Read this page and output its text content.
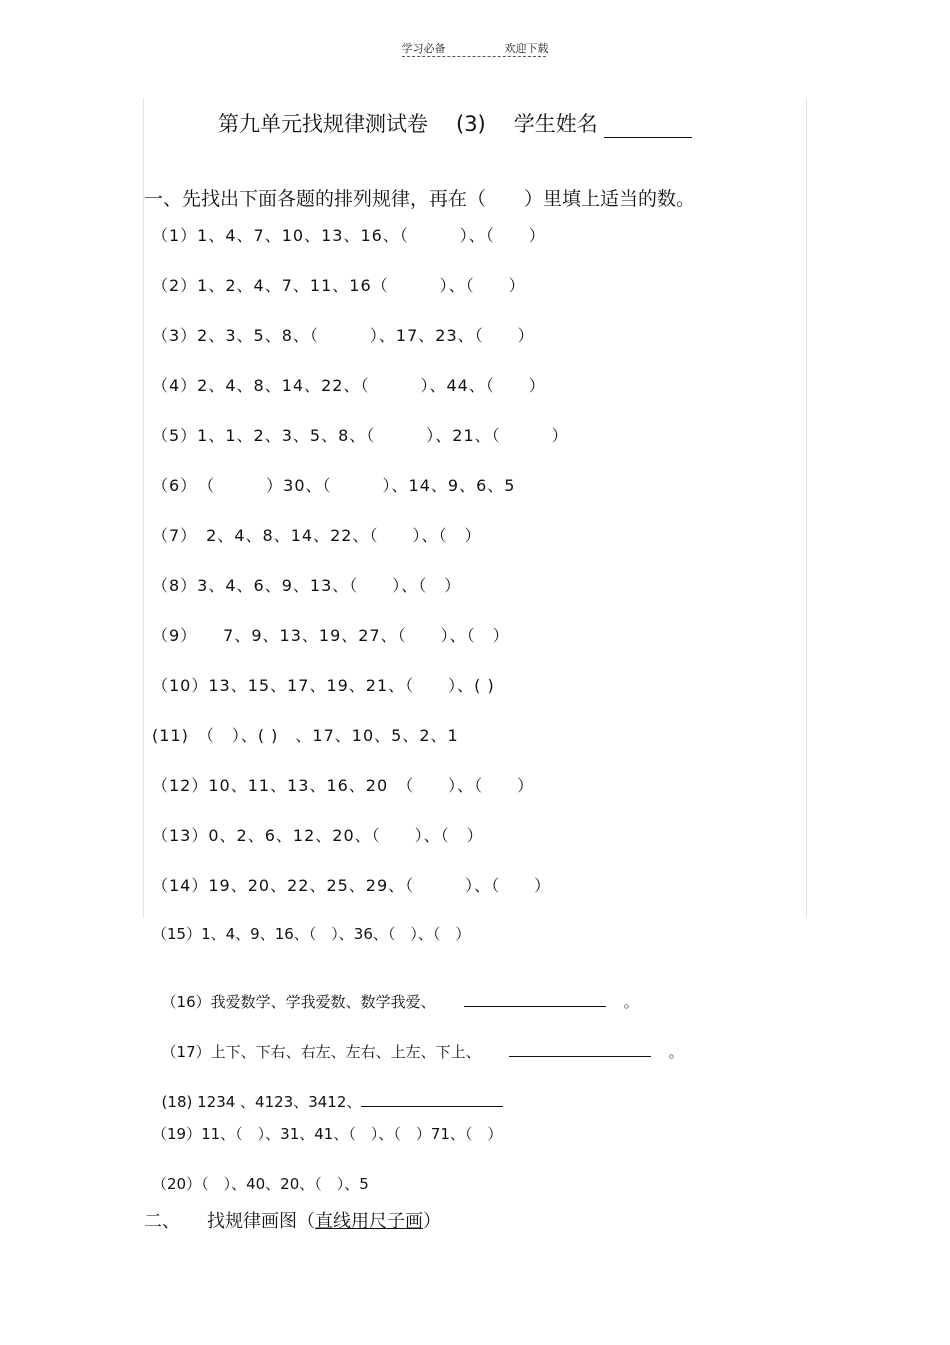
学习必备	欢迎下载
第九单元找规律测试卷 (3) 学生姓名
一、先找出下面各题的排列规律，再在（　　）里填上适当的数。
（1）1、4、7、10、13、16、（　　　）、（　　）
（2）1、2、4、7、11、16（　　　）、（　　）
（3）2、3、5、8、（　　　）、17、23、（　　）
（4）2、4、8、14、22、（　　　）、44、（　　）
（5）1、1、2、3、5、8、（　　　）、21、（　　　）
（6）　（　　　）30、（　　　）、14、9、6、5
（7）　2、4、8、14、22、（　　）、（　）
（8）3、4、6、9、13、（　　）、（　）
（9）　　7、9、13、19、27、（　　）、（　）
（10）13、15、17、19、21、（　　）、( )
(11)　（　）、( )　、17、10、5、2、1
（12）10、11、13、16、20　（　　）、（　　）
（13）0、2、6、12、20、（　　）、（　）
（14）19、20、22、25、29、（　　　）、（　　）
（15）1、4、9、16、（　）、36、（　）、（　）

（16）我爱数学、学我爱数、数学我爱、	。

（17）上下、下右、右左、左右、上左、下上、	。

(18) 1234 、4123、3412、

（19）11、（　）、31、41、（　）、（　）71、（　）
（20）（　）、40、20、（　）、5
二、　　找规律画图（直线用尺子画）
